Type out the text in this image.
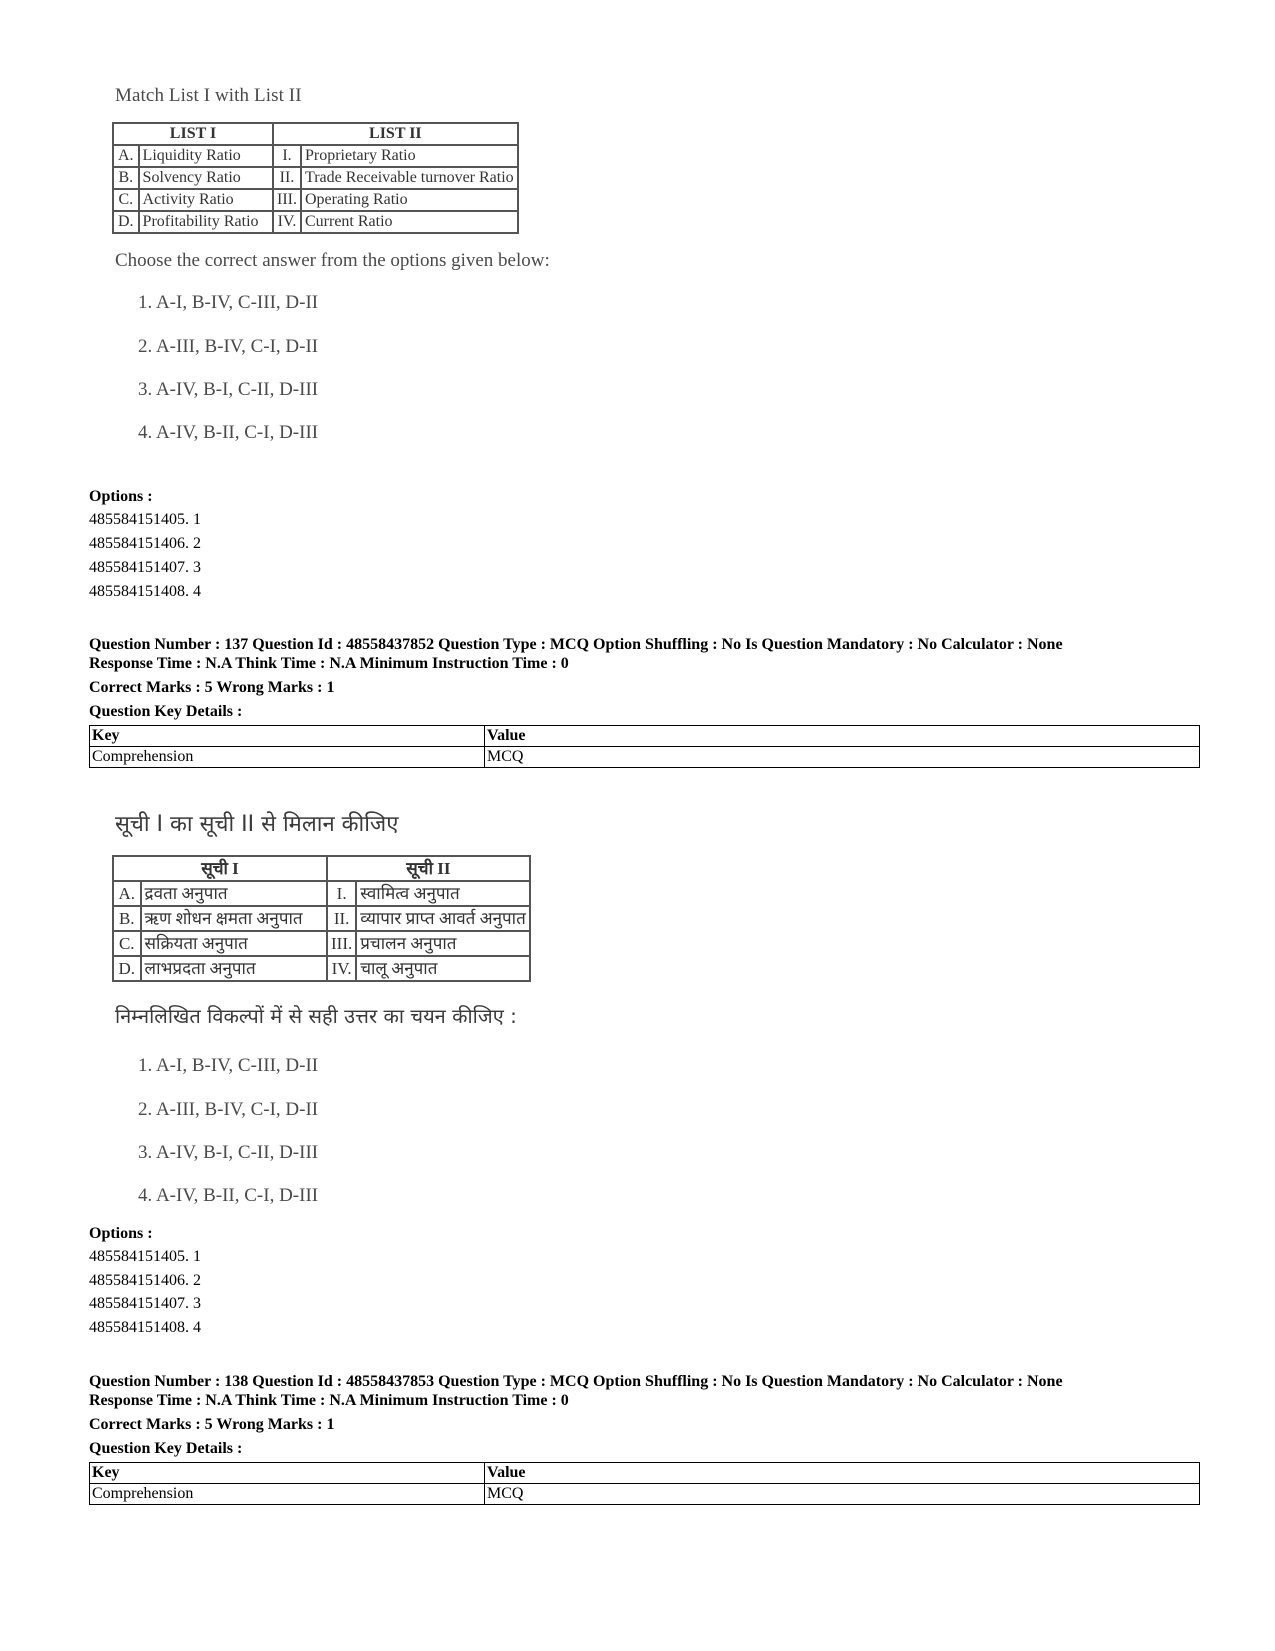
Match List I with List II
LIST I		LIST II	
A.	Liquidity Ratio	I.	Proprietary Ratio
B.	Solvency Ratio	II.	Trade Receivable turnover Ratio
C.	Activity Ratio	III.	Operating Ratio
D.	Profitability Ratio	IV.	Current Ratio
Choose the correct answer from the options given below:
1. A-I, B-IV, C-III, D-II
2. A-III, B-IV, C-I, D-II
3. A-IV, B-I, C-II, D-III
4. A-IV, B-II, C-I, D-III
Options :
485584151405. 1
485584151406. 2
485584151407. 3
485584151408. 4
Question Number : 137 Question Id : 48558437852 Question Type : MCQ Option Shuffling : No Is Question Mandatory : No Calculator : None
Response Time : N.A Think Time : N.A Minimum Instruction Time : 0
Correct Marks : 5 Wrong Marks : 1
Question Key Details :
Key	Value
Comprehension	MCQ
सूची I का सूची II से मिलान कीजिए
सूची I		सूची II	
A.	द्रवता अनुपात	I.	स्वामित्व अनुपात
B.	ऋण शोधन क्षमता अनुपात	II.	व्यापार प्राप्त आवर्त अनुपात
C.	सक्रियता अनुपात	III.	प्रचालन अनुपात
D.	लाभप्रदता अनुपात	IV.	चालू अनुपात
निम्नलिखित विकल्पों में से सही उत्तर का चयन कीजिए :
1. A-I, B-IV, C-III, D-II
2. A-III, B-IV, C-I, D-II
3. A-IV, B-I, C-II, D-III
4. A-IV, B-II, C-I, D-III
Options :
485584151405. 1
485584151406. 2
485584151407. 3
485584151408. 4
Question Number : 138 Question Id : 48558437853 Question Type : MCQ Option Shuffling : No Is Question Mandatory : No Calculator : None
Response Time : N.A Think Time : N.A Minimum Instruction Time : 0
Correct Marks : 5 Wrong Marks : 1
Question Key Details :
Key	Value
Comprehension	MCQ
